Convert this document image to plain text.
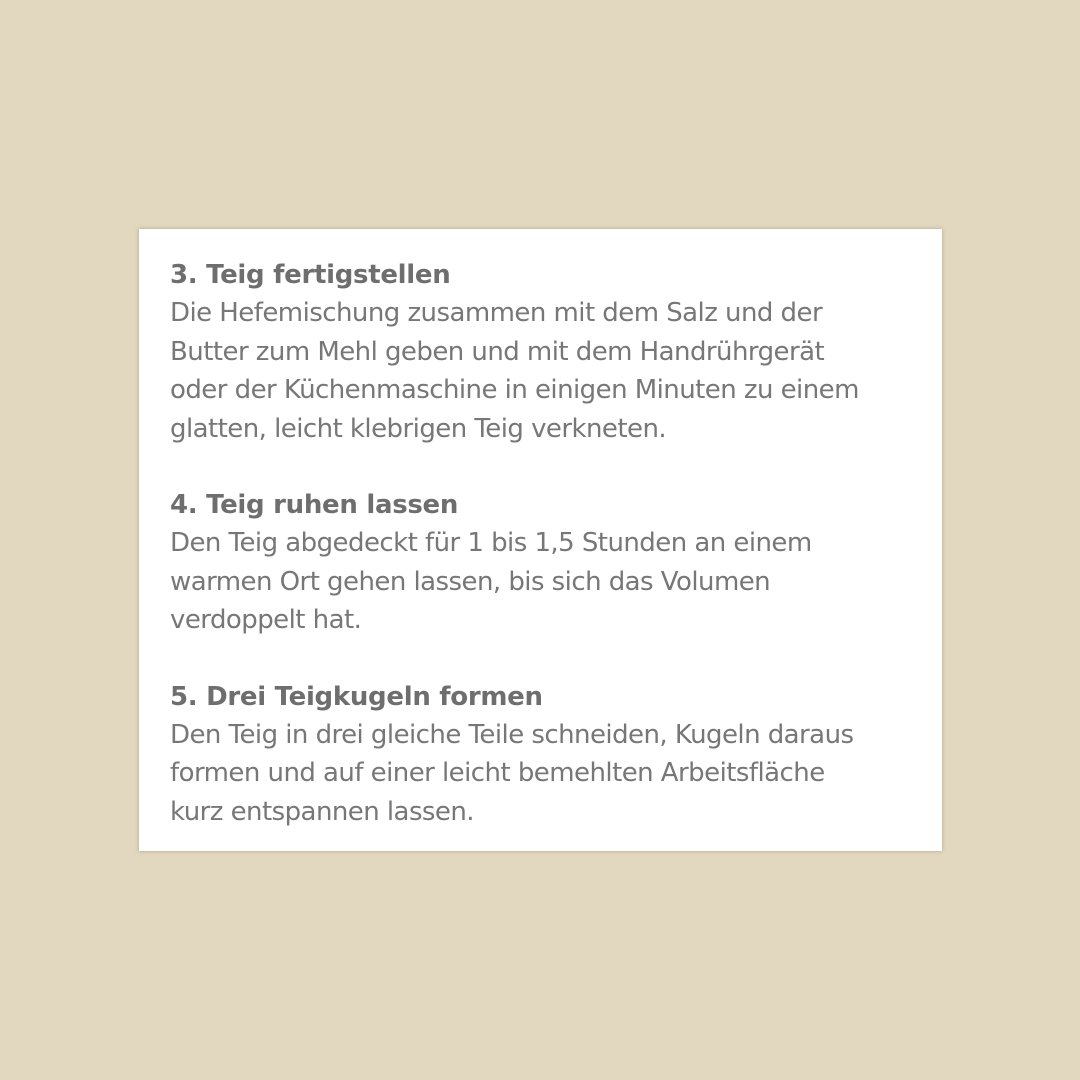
3. Teig fertigstellen

Die Hefemischung zusammen mit dem Salz und der

Butter zum Mehl geben und mit dem Handrührgerät

oder der Küchenmaschine in einigen Minuten zu einem

glatten, leicht klebrigen Teig verkneten.

4. Teig ruhen lassen

Den Teig abgedeckt für 1 bis 1,5 Stunden an einem

warmen Ort gehen lassen, bis sich das Volumen

verdoppelt hat.

5. Drei Teigkugeln formen

Den Teig in drei gleiche Teile schneiden, Kugeln daraus

formen und auf einer leicht bemehlten Arbeitsfläche

kurz entspannen lassen.
